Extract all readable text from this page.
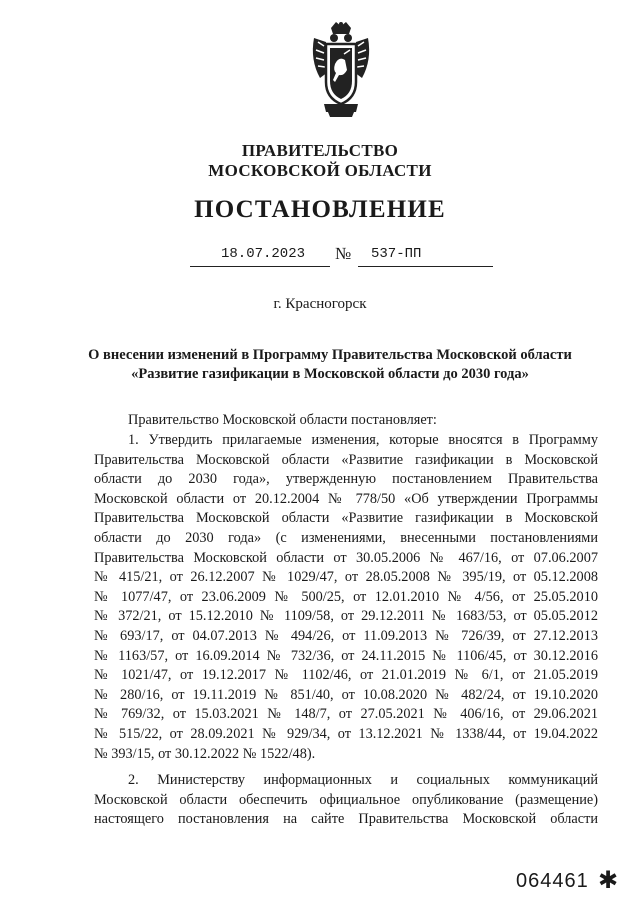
ПРАВИТЕЛЬСТВО
МОСКОВСКОЙ ОБЛАСТИ
ПОСТАНОВЛЕНИЕ
18.07.2023	№	537-ПП
г. Красногорск
О внесении изменений в Программу Правительства Московской области
«Развитие газификации в Московской области до 2030 года»
Правительство Московской области постановляет:
1. Утвердить прилагаемые изменения, которые вносятся в Программу
Правительства Московской области «Развитие газификации в Московской
области до 2030 года», утвержденную постановлением Правительства
Московской области от 20.12.2004 № 778/50 «Об утверждении Программы
Правительства Московской области «Развитие газификации в Московской
области до 2030 года» (с изменениями, внесенными постановлениями
Правительства Московской области от 30.05.2006 № 467/16, от 07.06.2007
№ 415/21, от 26.12.2007 № 1029/47, от 28.05.2008 № 395/19, от 05.12.2008
№ 1077/47, от 23.06.2009 № 500/25, от 12.01.2010 № 4/56, от 25.05.2010
№ 372/21, от 15.12.2010 № 1109/58, от 29.12.2011 № 1683/53, от 05.05.2012
№ 693/17, от 04.07.2013 № 494/26, от 11.09.2013 № 726/39, от 27.12.2013
№ 1163/57, от 16.09.2014 № 732/36, от 24.11.2015 № 1106/45, от 30.12.2016
№ 1021/47, от 19.12.2017 № 1102/46, от 21.01.2019 № 6/1, от 21.05.2019
№ 280/16, от 19.11.2019 № 851/40, от 10.08.2020 № 482/24, от 19.10.2020
№ 769/32, от 15.03.2021 № 148/7, от 27.05.2021 № 406/16, от 29.06.2021
№ 515/22, от 28.09.2021 № 929/34, от 13.12.2021 № 1338/44, от 19.04.2022
№ 393/15, от 30.12.2022 № 1522/48).
2. Министерству информационных и социальных коммуникаций
Московской области обеспечить официальное опубликование (размещение)
настоящего постановления на сайте Правительства Московской области
064461 ✱
